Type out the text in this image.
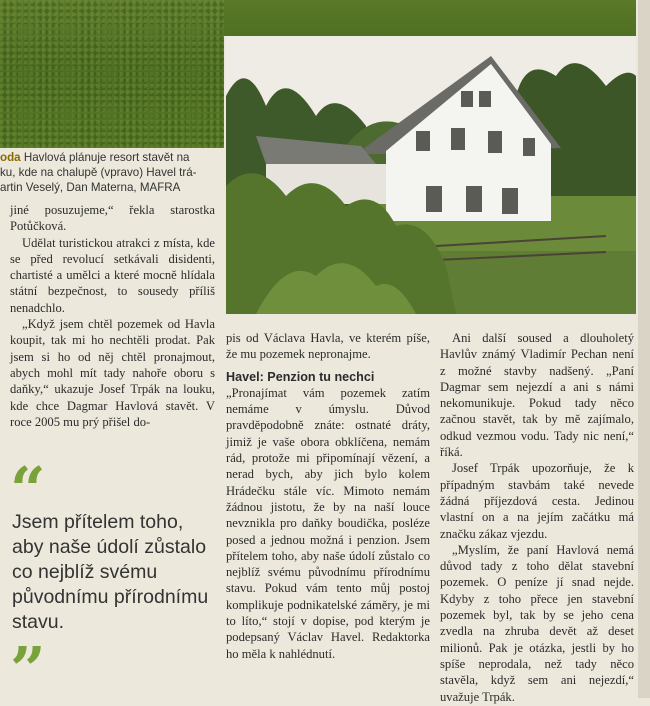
oda Havlová plánuje resort stavět na
ku, kde na chalupě (vpravo) Havel trá-
artin Veselý, Dan Materna, MAFRA

jiné posuzujeme,“ řekla starostka Potůčková.

Udělat turistickou atrakci z místa, kde se před revolucí setkávali disidenti, chartisté a umělci a které mocně hlídala státní bezpečnost, to sousedy příliš nenadchlo.

„Když jsem chtěl pozemek od Havla koupit, tak mi ho nechtěli prodat. Pak jsem si ho od něj chtěl pronajmout, abych mohl mít tady nahoře oboru s daňky,“ ukazuje Josef Trpák na louku, kde chce Dagmar Havlová stavět. V roce 2005 mu prý přišel do-

“
Jsem přítelem toho, aby naše údolí zůstalo co nejblíž svému původnímu přírodnímu stavu.
”

pis od Václava Havla, ve kterém píše, že mu pozemek nepronajme.

Havel: Penzion tu nechci

„Pronajímat vám pozemek zatím nemáme v úmyslu. Důvod pravděpodobně znáte: ostnaté dráty, jimiž je vaše obora obklíčena, nemám rád, protože mi připomínají vězení, a nerad bych, aby jich bylo kolem Hrádečku stále víc. Mimoto nemám žádnou jistotu, že by na naší louce nevznikla pro daňky boudička, posléze posed a jednou možná i penzion. Jsem přítelem toho, aby naše údolí zůstalo co nejblíž svému původnímu přírodnímu stavu. Pokud vám tento můj postoj komplikuje podnikatelské záměry, je mi to líto,“ stojí v dopise, pod kterým je podepsaný Václav Havel. Redaktorka ho měla k nahlédnutí.

Ani další soused a dlouholetý Havlův známý Vladimír Pechan není z možné stavby nadšený. „Paní Dagmar sem nejezdí a ani s námi nekomunikuje. Pokud tady něco začnou stavět, tak by mě zajímalo, odkud vezmou vodu. Tady nic není,“ říká.

Josef Trpák upozorňuje, že k případným stavbám také nevede žádná příjezdová cesta. Jedinou vlastní on a na jejím začátku má značku zákaz vjezdu.

„Myslím, že paní Havlová nemá důvod tady z toho dělat stavební pozemek. O peníze jí snad nejde. Kdyby z toho přece jen stavební pozemek byl, tak by se jeho cena zvedla na zhruba devět až deset milionů. Pak je otázka, jestli by ho spíše neprodala, než tady něco stavěla, když sem ani nejezdí,“ uvažuje Trpák.
